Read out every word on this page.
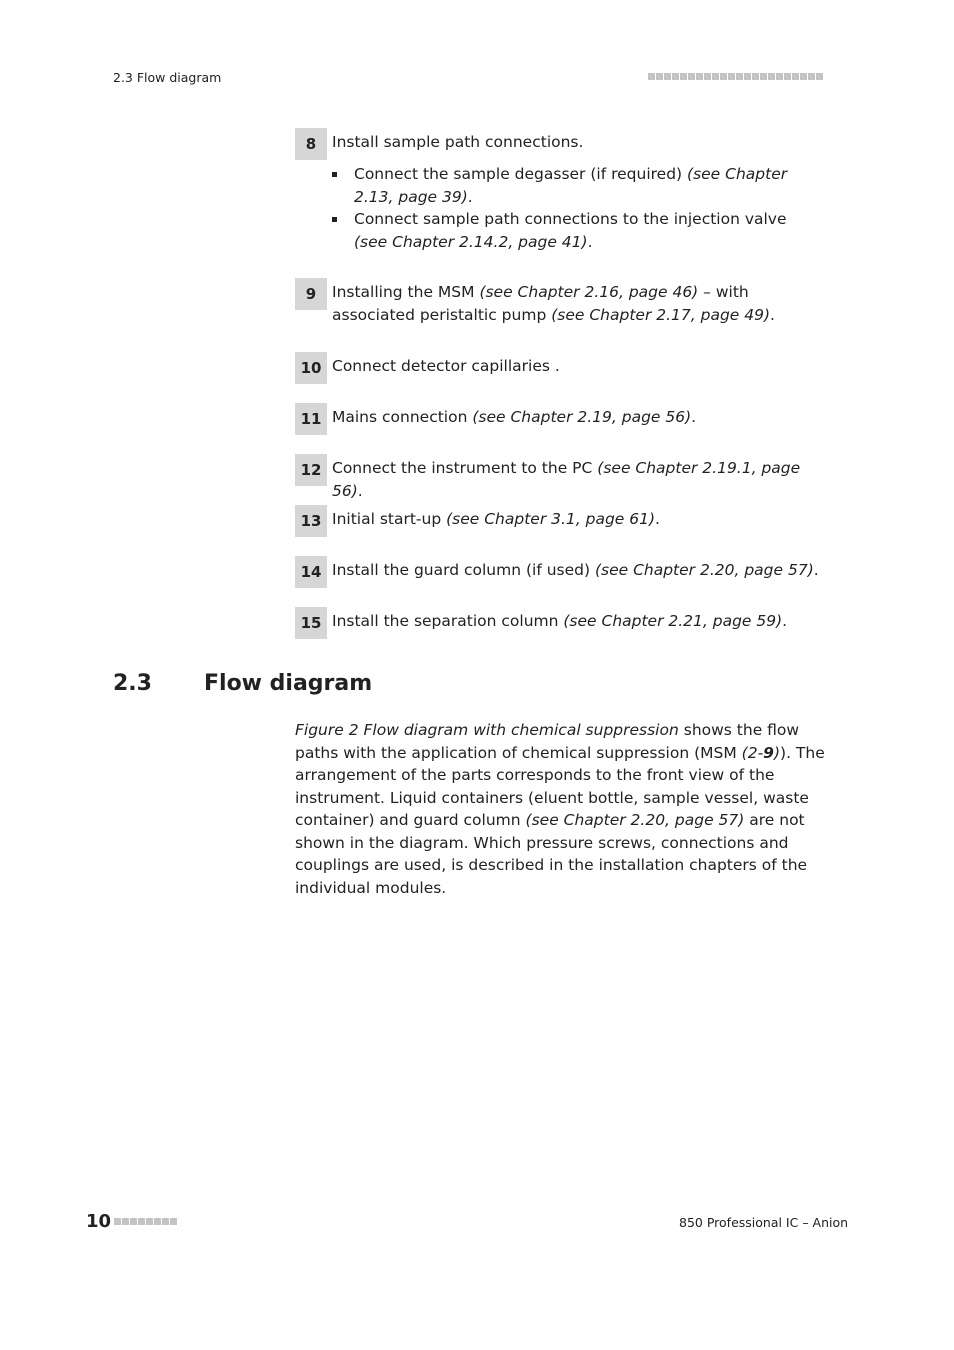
2.3 Flow diagram
8	Install sample path connections.
Connect the sample degasser (if required) (see Chapter 2.13, page 39).
Connect sample path connections to the injection valve (see Chapter 2.14.2, page 41).
9	Installing the MSM (see Chapter 2.16, page 46) – with associated peristaltic pump (see Chapter 2.17, page 49).
10 Connect detector capillaries .
11 Mains connection (see Chapter 2.19, page 56).
12 Connect the instrument to the PC (see Chapter 2.19.1, page 56).
13 Initial start-up (see Chapter 3.1, page 61).
14 Install the guard column (if used) (see Chapter 2.20, page 57).
15 Install the separation column (see Chapter 2.21, page 59).
2.3 Flow diagram
Figure 2 Flow diagram with chemical suppression shows the flow paths with the application of chemical suppression (MSM (2-9)). The arrangement of the parts corresponds to the front view of the instrument. Liquid containers (eluent bottle, sample vessel, waste container) and guard column (see Chapter 2.20, page 57) are not shown in the diagram. Which pressure screws, connections and couplings are used, is described in the installation chapters of the individual modules.
10	850 Professional IC – Anion
